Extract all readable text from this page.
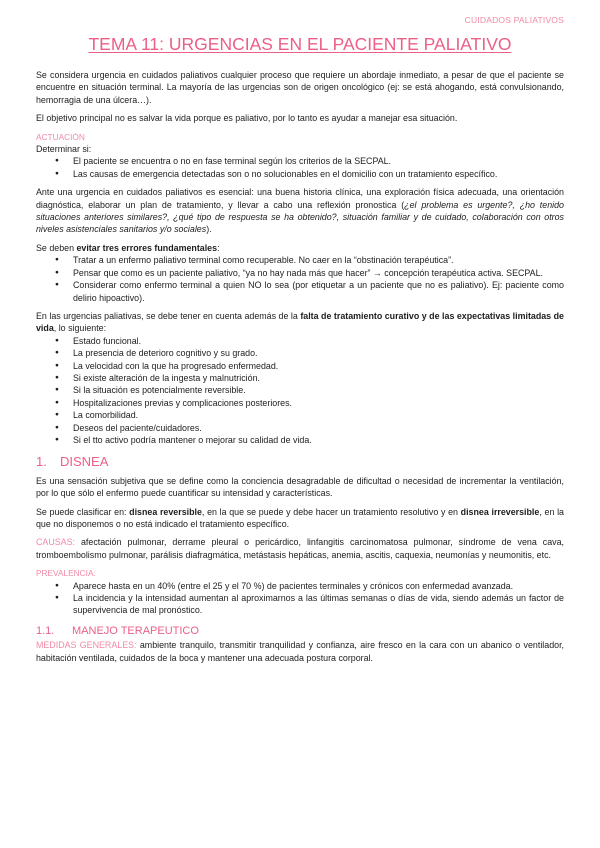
CUIDADOS PALIATIVOS
TEMA 11: URGENCIAS EN EL PACIENTE PALIATIVO

Se considera urgencia en cuidados paliativos cualquier proceso que requiere un abordaje inmediato, a pesar de que el paciente se encuentre en situación terminal. La mayoría de las urgencias son de origen oncológico (ej: se está ahogando, está convulsionando, hemorragia de una úlcera…).

El objetivo principal no es salvar la vida porque es paliativo, por lo tanto es ayudar a manejar esa situación.

ACTUACIÓN

Determinar si:

● El paciente se encuentra o no en fase terminal según los criterios de la SECPAL.
● Las causas de emergencia detectadas son o no solucionables en el domicilio con un tratamiento específico.

Ante una urgencia en cuidados paliativos es esencial: una buena historia clínica, una exploración física adecuada, una orientación diagnóstica, elaborar un plan de tratamiento, y llevar a cabo una reflexión pronostica (¿el problema es urgente?, ¿ho tenido situaciones anteriores similares?, ¿qué tipo de respuesta se ha obtenido?, situación familiar y de cuidado, colaboración con otros niveles asistenciales sanitarios y/o sociales).

Se deben evitar tres errores fundamentales:

● Tratar a un enfermo paliativo terminal como recuperable. No caer en la “obstinación terapéutica”.
● Pensar que como es un paciente paliativo, “ya no hay nada más que hacer” → concepción terapéutica activa. SECPAL.
● Considerar como enfermo terminal a quien NO lo sea (por etiquetar a un paciente que no es paliativo). Ej: paciente como delirio hipoactivo).

En las urgencias paliativas, se debe tener en cuenta además de la falta de tratamiento curativo y de las expectativas limitadas de vida, lo siguiente:

● Estado funcional.
● La presencia de deterioro cognitivo y su grado.
● La velocidad con la que ha progresado enfermedad.
● Si existe alteración de la ingesta y malnutrición.
● Si la situación es potencialmente reversible.
● Hospitalizaciones previas y complicaciones posteriores.
● La comorbilidad.
● Deseos del paciente/cuidadores.
● Si el tto activo podría mantener o mejorar su calidad de vida.
1. DISNEA

Es una sensación subjetiva que se define como la conciencia desagradable de dificultad o necesidad de incrementar la ventilación, por lo que sólo el enfermo puede cuantificar su intensidad y características.

Se puede clasificar en: disnea reversible, en la que se puede y debe hacer un tratamiento resolutivo y en disnea irreversible, en la que no disponemos o no está indicado el tratamiento específico.

CAUSAS: afectación pulmonar, derrame pleural o pericárdico, linfangitis carcinomatosa pulmonar, síndrome de vena cava, tromboembolismo pulmonar, parálisis diafragmática, metástasis hepáticas, anemia, ascitis, caquexia, neumonías y neumonitis, etc.

PREVALENCIA:

● Aparece hasta en un 40% (entre el 25 y el 70 %) de pacientes terminales y crónicos con enfermedad avanzada.
● La incidencia y la intensidad aumentan al aproximarnos a las últimas semanas o días de vida, siendo además un factor de supervivencia de mal pronóstico.
1.1. MANEJO TERAPEUTICO

MEDIDAS GENERALES: ambiente tranquilo, transmitir tranquilidad y confianza, aire fresco en la cara con un abanico o ventilador, habitación ventilada, cuidados de la boca y mantener una adecuada postura corporal.
